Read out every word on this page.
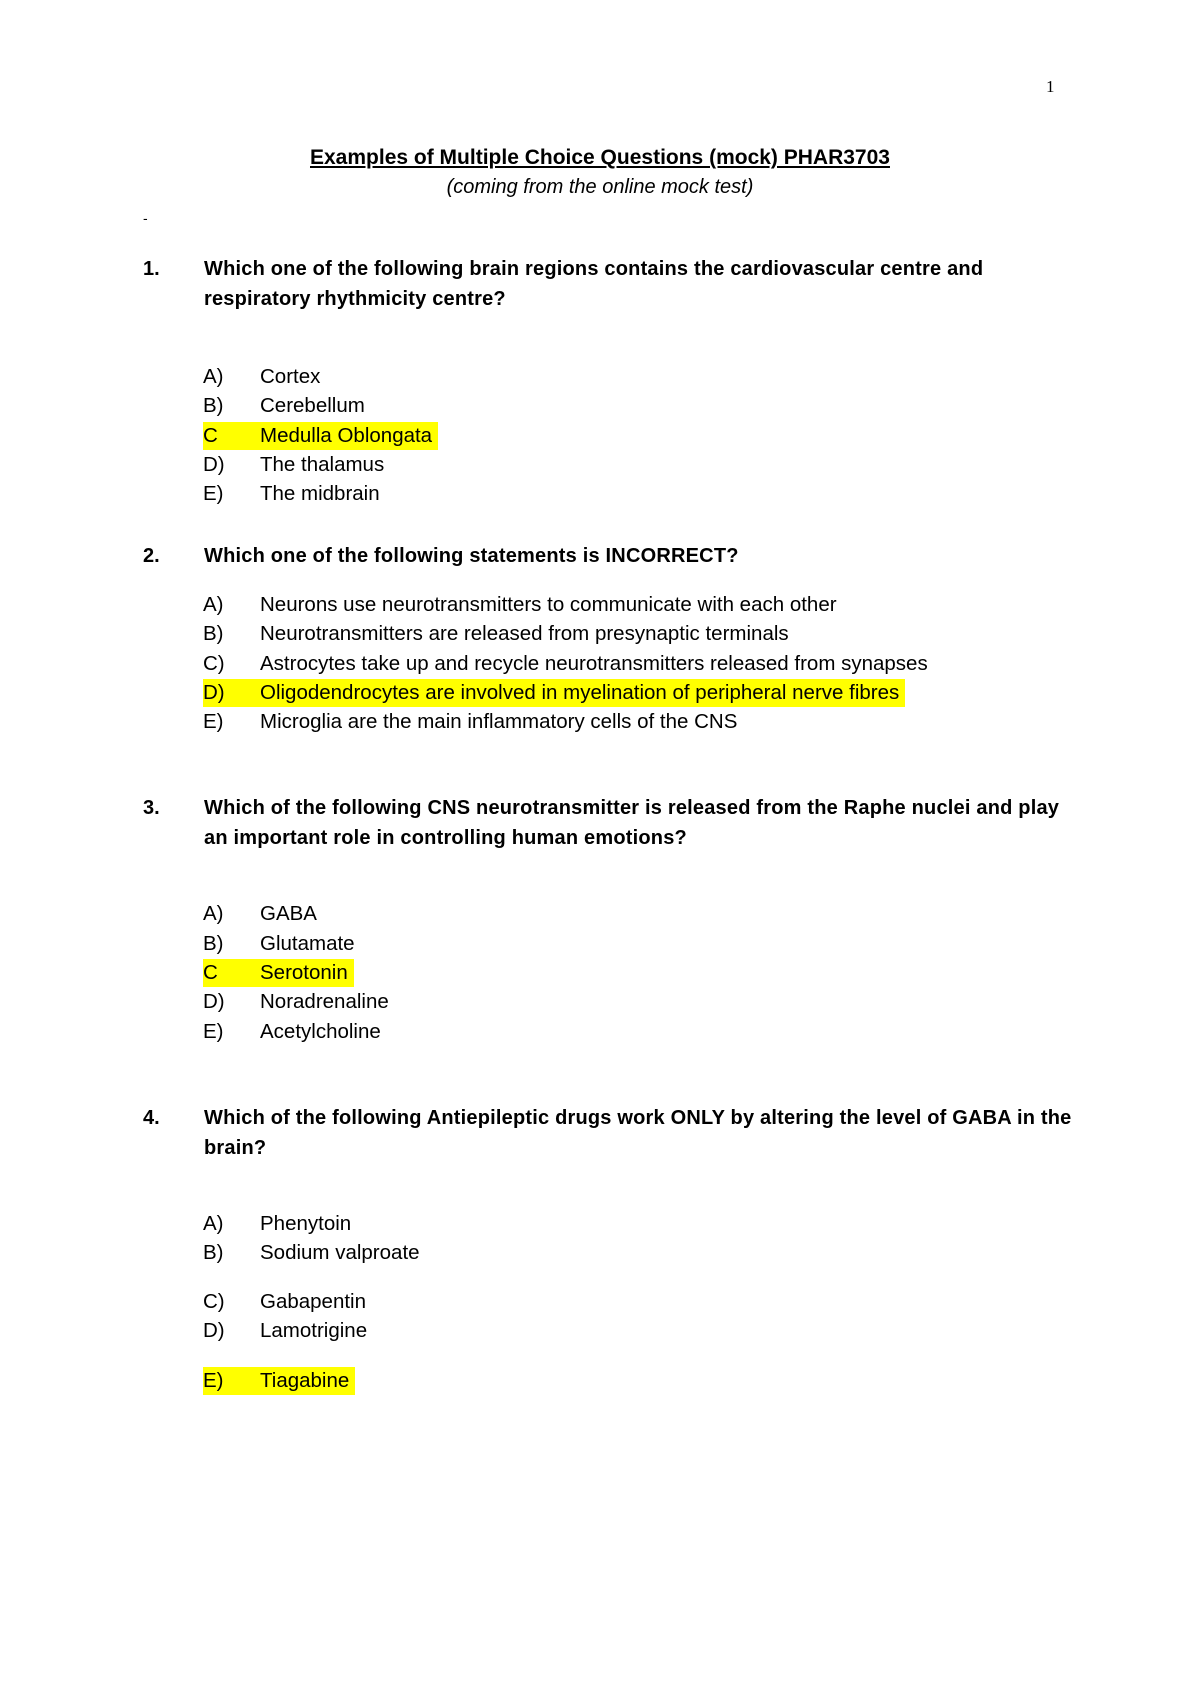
1
Examples of Multiple Choice Questions (mock) PHAR3703
(coming from the online mock test)
-
1. Which one of the following brain regions contains the cardiovascular centre and respiratory rhythmicity centre?
A) Cortex
B) Cerebellum
C Medulla Oblongata
D) The thalamus
E) The midbrain
2. Which one of the following statements is INCORRECT?
A) Neurons use neurotransmitters to communicate with each other
B) Neurotransmitters are released from presynaptic terminals
C) Astrocytes take up and recycle neurotransmitters released from synapses
D) Oligodendrocytes are involved in myelination of peripheral nerve fibres
E) Microglia are the main inflammatory cells of the CNS
3. Which of the following CNS neurotransmitter is released from the Raphe nuclei and play an important role in controlling human emotions?
A) GABA
B) Glutamate
C Serotonin
D) Noradrenaline
E) Acetylcholine
4. Which of the following Antiepileptic drugs work ONLY by altering the level of GABA in the brain?
A) Phenytoin
B) Sodium valproate
C) Gabapentin
D) Lamotrigine
E) Tiagabine
